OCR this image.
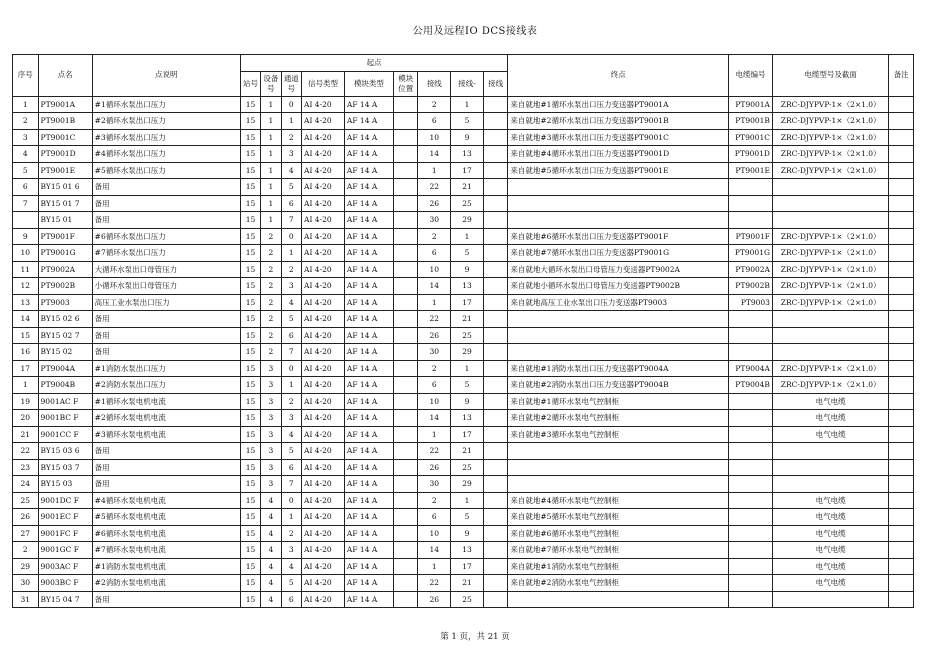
公用及远程IO DCS接线表
序号	点名	点说明	起点									终点	电缆编号	电缆型号及截面	备注
			站号	设备号	通道号	信号类型	模块类型	模块位置	接线	接线-	接线				
1	PT9001A	#1循环水泵出口压力	15	1	0	AI 4-20	AF 14 A		2	1		来自就地#1循环水泵出口压力变送器PT9001A	PT9001A	ZRC-DJYPVP-1×（2×1.0）	
2	PT9001B	#2循环水泵出口压力	15	1	1	AI 4-20	AF 14 A		6	5		来自就地#2循环水泵出口压力变送器PT9001B	PT9001B	ZRC-DJYPVP-1×（2×1.0）	
3	PT9001C	#3循环水泵出口压力	15	1	2	AI 4-20	AF 14 A		10	9		来自就地#3循环水泵出口压力变送器PT9001C	PT9001C	ZRC-DJYPVP-1×（2×1.0）	
4	PT9001D	#4循环水泵出口压力	15	1	3	AI 4-20	AF 14 A		14	13		来自就地#4循环水泵出口压力变送器PT9001D	PT9001D	ZRC-DJYPVP-1×（2×1.0）	
5	PT9001E	#5循环水泵出口压力	15	1	4	AI 4-20	AF 14 A		1	17		来自就地#5循环水泵出口压力变送器PT9001E	PT9001E	ZRC-DJYPVP-1×（2×1.0）	
6	BY15 01 6	备用	15	1	5	AI 4-20	AF 14 A		22	21					
7	BY15 01 7	备用	15	1	6	AI 4-20	AF 14 A		26	25					
	BY15 01	备用	15	1	7	AI 4-20	AF 14 A		30	29					
9	PT9001F	#6循环水泵出口压力	15	2	0	AI 4-20	AF 14 A		2	1		来自就地#6循环水泵出口压力变送器PT9001F	PT9001F	ZRC-DJYPVP-1×（2×1.0）	
10	PT9001G	#7循环水泵出口压力	15	2	1	AI 4-20	AF 14 A		6	5		来自就地#7循环水泵出口压力变送器PT9001G	PT9001G	ZRC-DJYPVP-1×（2×1.0）	
11	PT9002A	大循环水泵出口母管压力	15	2	2	AI 4-20	AF 14 A		10	9		来自就地大循环水泵出口母管压力变送器PT9002A	PT9002A	ZRC-DJYPVP-1×（2×1.0）	
12	PT9002B	小循环水泵出口母管压力	15	2	3	AI 4-20	AF 14 A		14	13		来自就地小循环水泵出口母管压力变送器PT9002B	PT9002B	ZRC-DJYPVP-1×（2×1.0）	
13	PT9003	高压工业水泵出口压力	15	2	4	AI 4-20	AF 14 A		1	17		来自就地高压工业水泵出口压力变送器PT9003	PT9003	ZRC-DJYPVP-1×（2×1.0）	
14	BY15 02 6	备用	15	2	5	AI 4-20	AF 14 A		22	21					
15	BY15 02 7	备用	15	2	6	AI 4-20	AF 14 A		26	25					
16	BY15 02	备用	15	2	7	AI 4-20	AF 14 A		30	29					
17	PT9004A	#1消防水泵出口压力	15	3	0	AI 4-20	AF 14 A		2	1		来自就地#1消防水泵出口压力变送器PT9004A	PT9004A	ZRC-DJYPVP-1×（2×1.0）	
1	PT9004B	#2消防水泵出口压力	15	3	1	AI 4-20	AF 14 A		6	5		来自就地#2消防水泵出口压力变送器PT9004B	PT9004B	ZRC-DJYPVP-1×（2×1.0）	
19	9001AC F	#1循环水泵电机电流	15	3	2	AI 4-20	AF 14 A		10	9		来自就地#1循环水泵电气控制柜		电气电缆	
20	9001BC F	#2循环水泵电机电流	15	3	3	AI 4-20	AF 14 A		14	13		来自就地#2循环水泵电气控制柜		电气电缆	
21	9001CC F	#3循环水泵电机电流	15	3	4	AI 4-20	AF 14 A		1	17		来自就地#3循环水泵电气控制柜		电气电缆	
22	BY15 03 6	备用	15	3	5	AI 4-20	AF 14 A		22	21					
23	BY15 03 7	备用	15	3	6	AI 4-20	AF 14 A		26	25					
24	BY15 03	备用	15	3	7	AI 4-20	AF 14 A		30	29					
25	9001DC F	#4循环水泵电机电流	15	4	0	AI 4-20	AF 14 A		2	1		来自就地#4循环水泵电气控制柜		电气电缆	
26	9001EC F	#5循环水泵电机电流	15	4	1	AI 4-20	AF 14 A		6	5		来自就地#5循环水泵电气控制柜		电气电缆	
27	9001FC F	#6循环水泵电机电流	15	4	2	AI 4-20	AF 14 A		10	9		来自就地#6循环水泵电气控制柜		电气电缆	
2	9001GC F	#7循环水泵电机电流	15	4	3	AI 4-20	AF 14 A		14	13		来自就地#7循环水泵电气控制柜		电气电缆	
29	9003AC F	#1消防水泵电机电流	15	4	4	AI 4-20	AF 14 A		1	17		来自就地#1消防水泵电气控制柜		电气电缆	
30	9003BC F	#2消防水泵电机电流	15	4	5	AI 4-20	AF 14 A		22	21		来自就地#2消防水泵电气控制柜		电气电缆	
31	BY15 04 7	备用	15	4	6	AI 4-20	AF 14 A		26	25					
第 1 页，共 21 页
